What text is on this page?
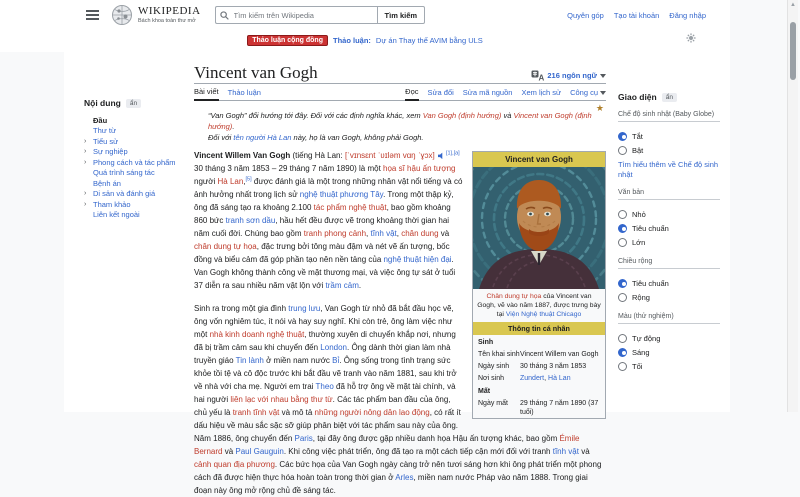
WIKIPEDIA
Bách khoa toàn thư mở
Tìm kiếm trên Wikipedia
Tìm kiếm	Quyên góp Tạo tài khoản Đăng nhập
Thảo luận cộng đồng	Thảo luận: Dự án Thay thế AVIM bằng ULS
Nội dung	ẩn
Đầu
Thư từ
› Tiểu sử
› Sự nghiệp
› Phong cách và tác phẩm
Quá trình sáng tác
Bệnh án
› Di sản và đánh giá
› Tham khảo
Liên kết ngoài
Vincent van Gogh	A 216 ngôn ngữ
Bài viết Thảo luận	Đọc Sửa đổi Sửa mã nguồn Xem lịch sử Công cụ
★
“Van Gogh” đổi hướng tới đây. Đối với các định nghĩa khác, xem Van Gogh (định hướng) và Vincent van Gogh (định hướng).
Đối với tên người Hà Lan này, họ là van Gogh, không phải Gogh.
Vincent van Gogh
Chân dung tự họa của Vincent van Gogh, vẽ vào năm 1887, được trưng bày tại Viện Nghệ thuật Chicago
Thông tin cá nhân
Sinh
Tên khai sinh Vincent Willem van Gogh
Ngày sinh	30 tháng 3 năm 1853
Nơi sinh	Zundert, Hà Lan
Mất
Ngày mất	29 tháng 7 năm 1890 (37 tuổi)

Vincent Willem Van Gogh (tiếng Hà Lan: [ˈvɪnsɛnt ˈʋɪləm vɑŋ ˈɣɔx] [1],[a] 30 tháng 3 năm 1853 – 29 tháng 7 năm 1890) là một họa sĩ hậu ấn tượng người Hà Lan,[5] được đánh giá là một trong những nhân vật nổi tiếng và có ảnh hưởng nhất trong lịch sử nghệ thuật phương Tây. Trong một thập kỷ, ông đã sáng tạo ra khoảng 2.100 tác phẩm nghệ thuật, bao gồm khoảng 860 bức tranh sơn dầu, hầu hết đều được vẽ trong khoảng thời gian hai năm cuối đời. Chúng bao gồm tranh phong cảnh, tĩnh vật, chân dung và chân dung tự họa, đặc trưng bởi tông màu đậm và nét vẽ ấn tượng, bốc đồng và biểu cảm đã góp phần tạo nên nền tảng của nghệ thuật hiện đại. Van Gogh không thành công về mặt thương mại, và việc ông tự sát ở tuổi 37 diễn ra sau nhiều năm vật lộn với trầm cảm.

Sinh ra trong một gia đình trung lưu, Van Gogh từ nhỏ đã bắt đầu học vẽ, ông vốn nghiêm túc, ít nói và hay suy nghĩ. Khi còn trẻ, ông làm việc như một nhà kinh doanh nghệ thuật, thường xuyên di chuyển khắp nơi, nhưng đã bị trầm cảm sau khi chuyển đến London. Ông dành thời gian làm nhà truyền giáo Tin lành ở miền nam nước Bỉ. Ông sống trong tình trạng sức khỏe tồi tệ và cô độc trước khi bắt đầu vẽ tranh vào năm 1881, sau khi trở về nhà với cha mẹ. Người em trai Theo đã hỗ trợ ông về mặt tài chính, và hai người liên lạc với nhau bằng thư từ. Các tác phẩm ban đầu của ông, chủ yếu là tranh tĩnh vật và mô tả những người nông dân lao động, có rất ít dấu hiệu về màu sắc sặc sỡ giúp phân biệt với tác phẩm sau này của ông. Năm 1886, ông chuyển đến Paris, tại đây ông được gặp nhiều danh họa Hậu ấn tượng khác, bao gồm Émile Bernard và Paul Gauguin. Khi công việc phát triển, ông đã tạo ra một cách tiếp cận mới đối với tranh tĩnh vật và cảnh quan địa phương. Các bức họa của Van Gogh ngày càng trở nên tươi sáng hơn khi ông phát triển một phong cách đã được hiện thực hóa hoàn toàn trong thời gian ở Arles, miền nam nước Pháp vào năm 1888. Trong giai đoạn này ông mở rộng chủ đề sáng tác.

Giao diện	ẩn
Chế độ sinh nhật (Baby Globe)
Tắt
Bật
Tìm hiểu thêm về Chế độ sinh nhật
Văn bản
Nhỏ
Tiêu chuẩn
Lớn
Chiều rộng
Tiêu chuẩn
Rộng
Màu (thử nghiệm)
Tự động
Sáng
Tối
▲
